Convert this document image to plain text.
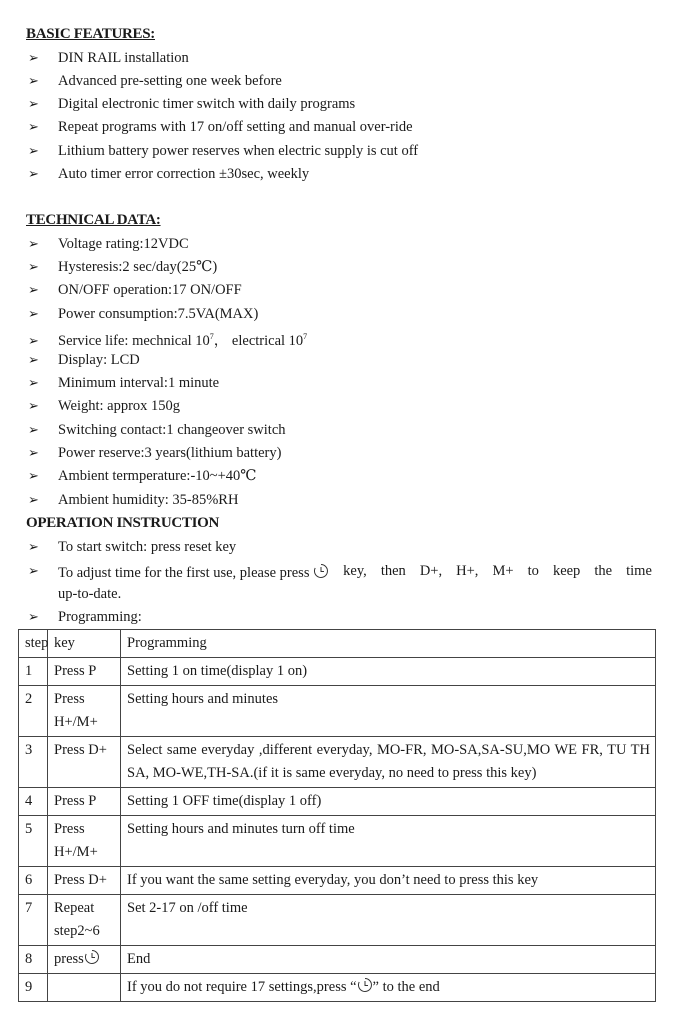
BASIC FEATURES:
➢ DIN RAIL installation
➢ Advanced pre-setting one week before
➢ Digital electronic timer switch with daily programs
➢ Repeat programs with 17 on/off setting and manual over-ride
➢ Lithium battery power reserves when electric supply is cut off
➢ Auto timer error correction ±30sec, weekly
TECHNICAL DATA:
➢ Voltage rating:12VDC
➢ Hysteresis:2 sec/day(25℃)
➢ ON/OFF operation:17 ON/OFF
➢ Power consumption:7.5VA(MAX)
➢ Service life: mechnical $10^7$， electrical $10^7$
➢ Display: LCD
➢ Minimum interval:1 minute
➢ Weight: approx 150g
➢ Switching contact:1 changeover switch
➢ Power reserve:3 years(lithium battery)
➢ Ambient termperature:-10~+40℃
➢ Ambient humidity: 35-85%RH
OPERATION INSTRUCTION
➢ To start switch: press reset key
➢	To adjust time for the first use, please press	key, then D+, H+, M+ to keep the time
up-to-date.
➢ Programming:
step	key	Programming
1	Press P	Setting 1 on time(display 1 on)
2	Press H+/M+	Setting hours and minutes
3	Press D+	Select same everyday ,different everyday, MO-FR, MO-SA,SA-SU,MO WE FR, TU TH SA, MO-WE,TH-SA.(if it is same everyday, no need to press this key)
4	Press P	Setting 1 OFF time(display 1 off)
5	Press H+/M+	Setting hours and minutes turn off time
6	Press D+	If you want the same setting everyday, you don’t need to press this key
7	Repeat step2~6	Set 2-17 on /off time
8	press	End
9		If you do not require 17 settings,press “ ” to the end
